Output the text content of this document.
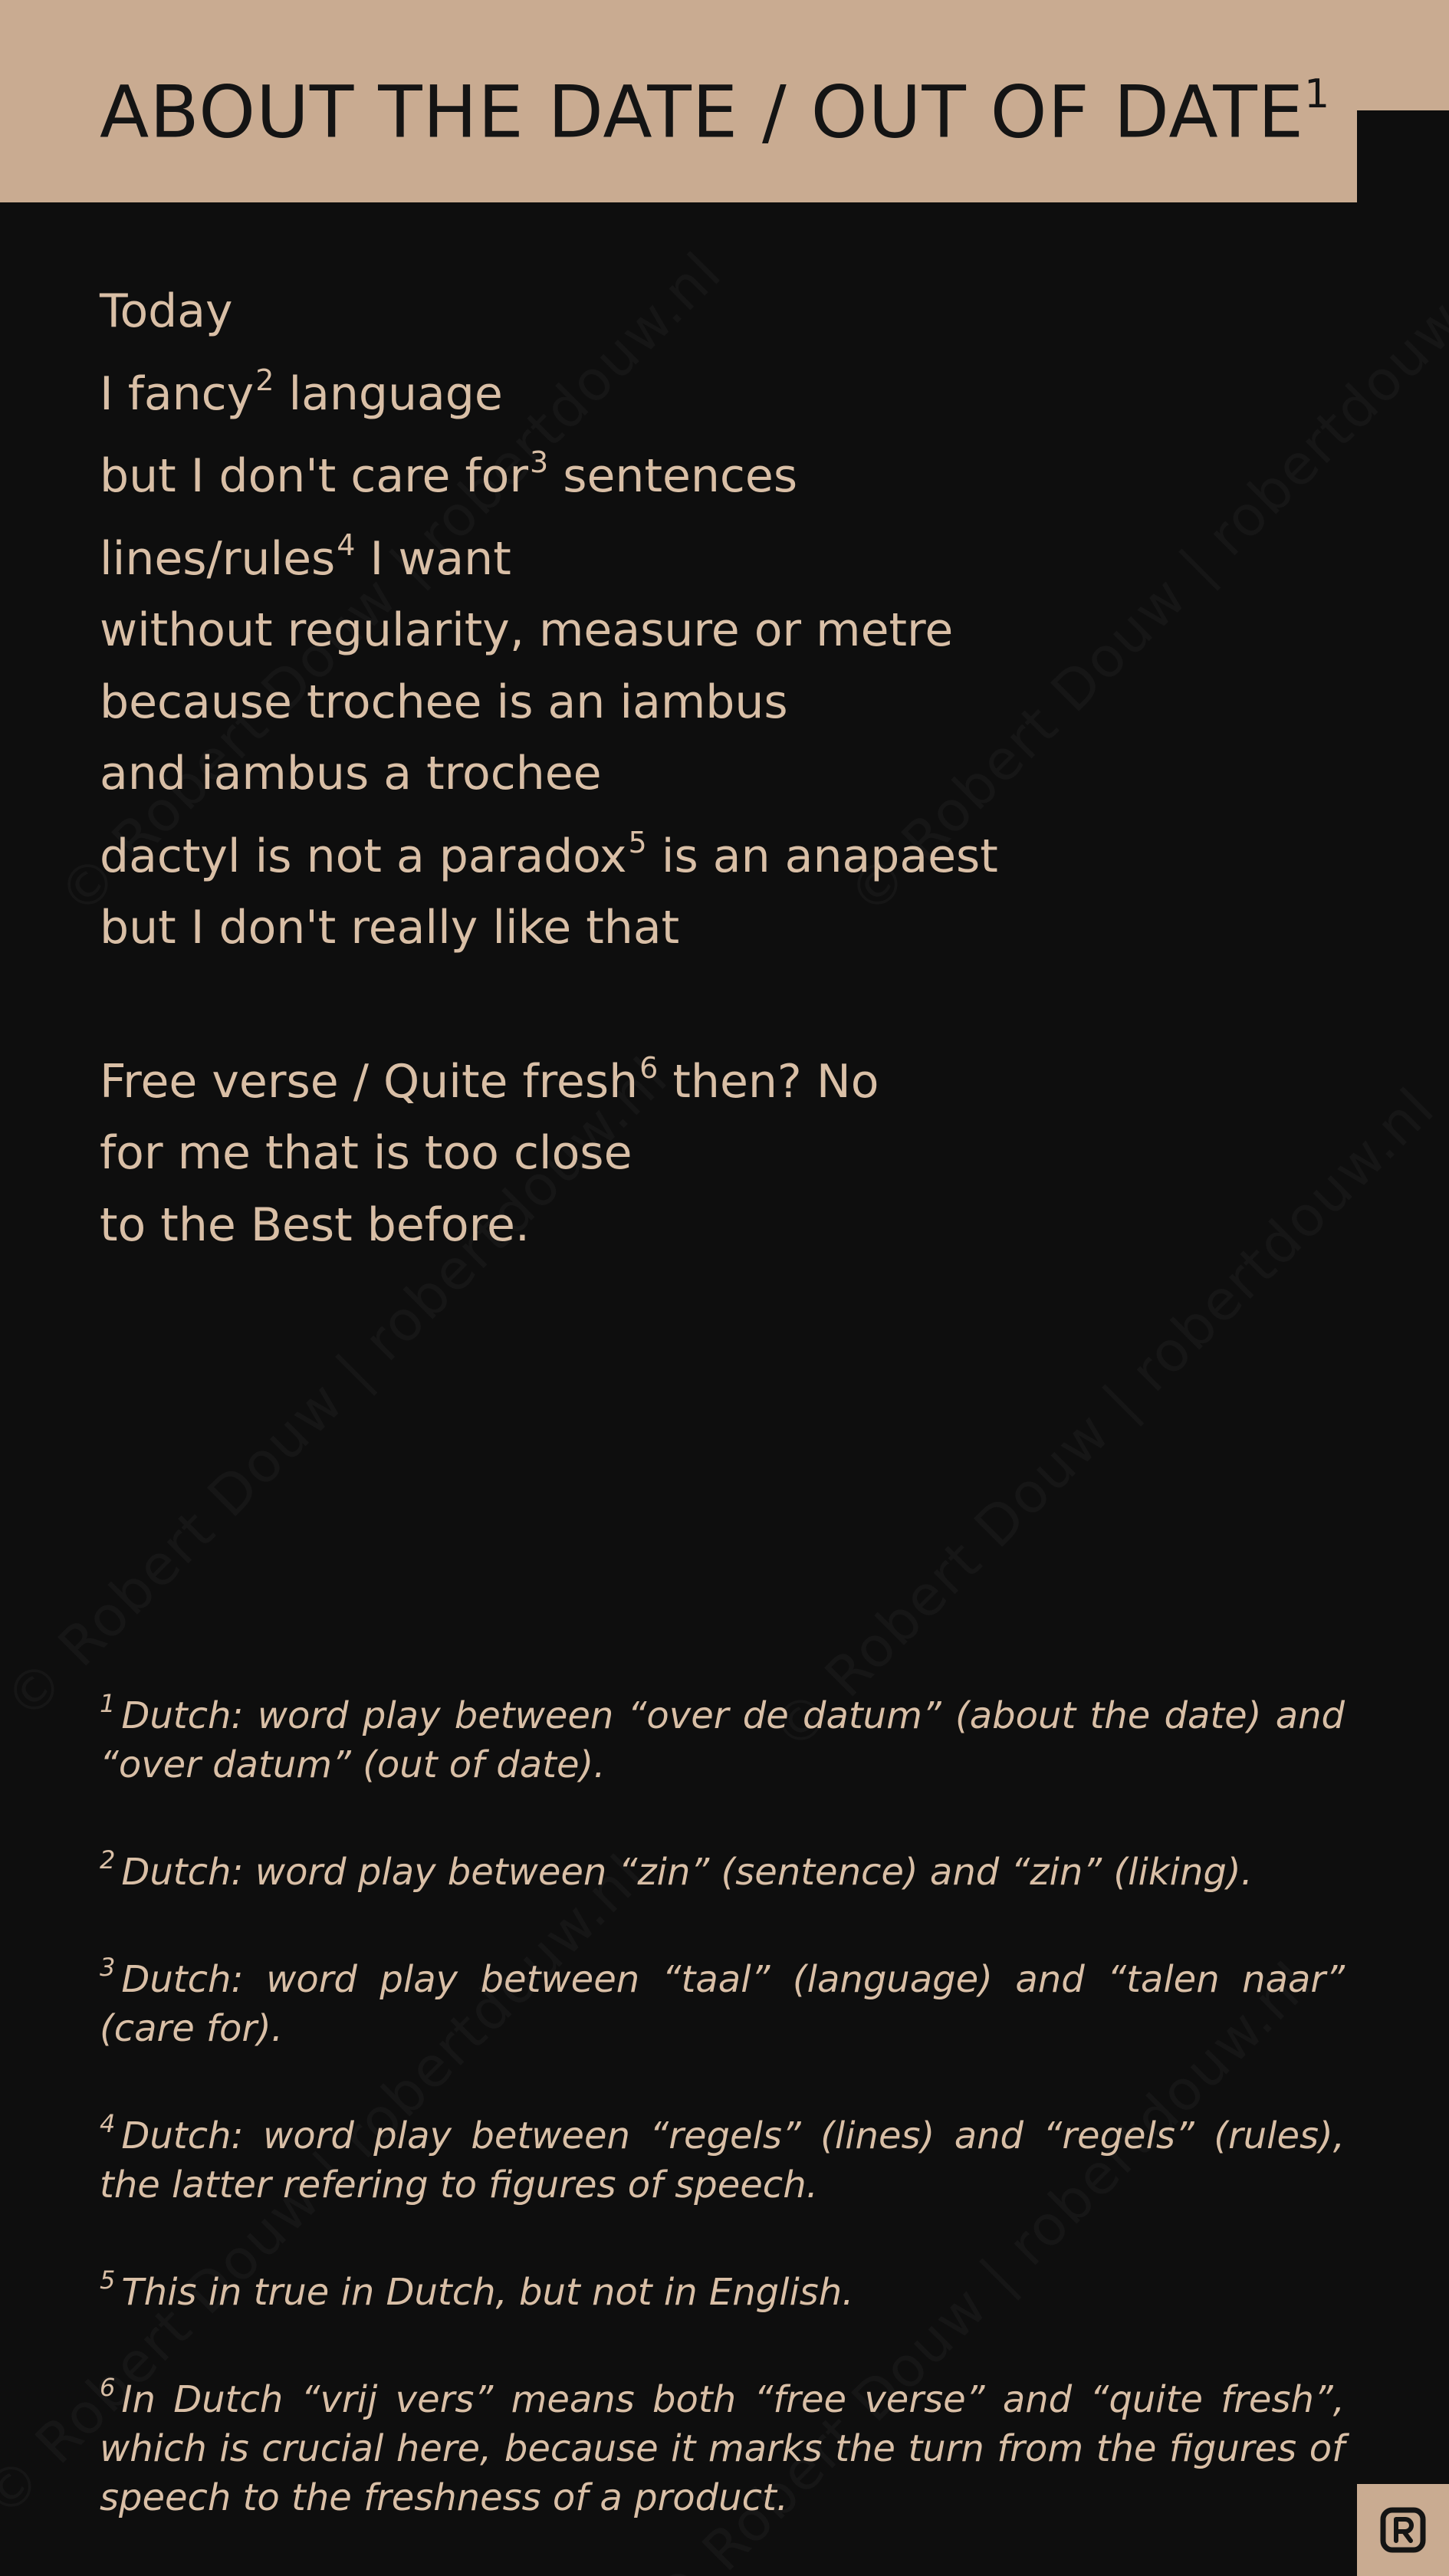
ABOUT THE DATE / OUT OF DATE$^1$
Today
I fancy$^2$ language
but I don't care for$^3$ sentences
lines/rules$^4$ I want
without regularity, measure or metre
because trochee is an iambus
and iambus a trochee
dactyl is not a paradox$^5$ is an anapaest
but I don't really like that
Free verse / Quite fresh$^6$ then? No
for me that is too close
to the Best before.

$^1$ Dutch: word play between “over de datum” (about the date) and “over datum” (out of date).

$^2$ Dutch: word play between “zin” (sentence) and “zin” (liking).

$^3$ Dutch: word play between “taal” (language) and “talen naar” (care for).

$^4$ Dutch: word play between “regels” (lines) and “regels” (rules), the latter refering to figures of speech.

$^5$ This in true in Dutch, but not in English.

$^6$ In Dutch “vrij vers” means both “free verse” and “quite fresh”, which is crucial here, because it marks the turn from the figures of speech to the freshness of a product.
